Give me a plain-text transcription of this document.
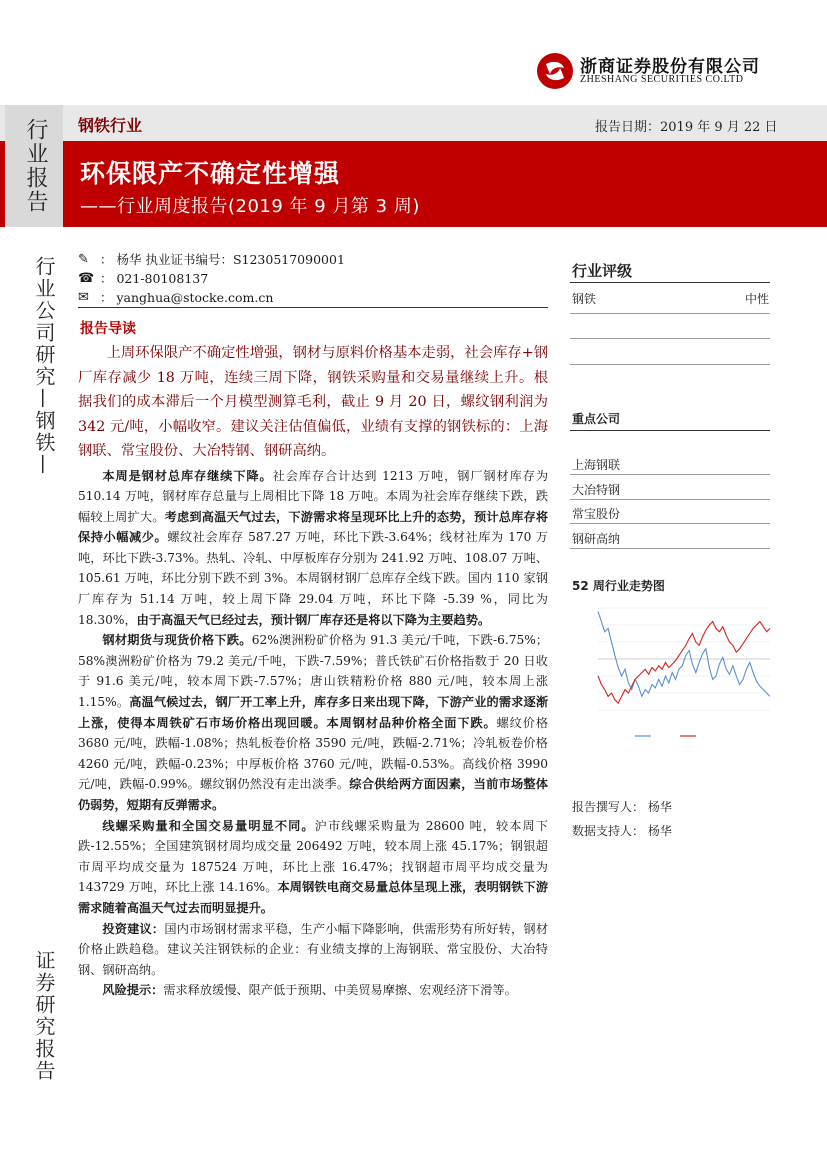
浙商证券股份有限公司
ZHESHANG SECURITIES CO.LTD
行业报告 钢铁行业	报告日期：2019 年 9 月 22 日
环保限产不确定性增强
——行业周度报告(2019 年 9 月第 3 周)
行业公司研究—钢铁—
证券研究报告
✎ ： 杨华 执业证书编号：S1230517090001
☎ ： 021-80108137
✉ ： yanghua@stocke.com.cn
报告导读

上周环保限产不确定性增强，钢材与原料价格基本走弱，社会库存+钢厂库存减少 18 万吨，连续三周下降，钢铁采购量和交易量继续上升。根据我们的成本滞后一个月模型测算毛利，截止 9 月 20 日，螺纹钢利润为 342 元/吨，小幅收窄。建议关注估值偏低，业绩有支撑的钢铁标的：上海钢联、常宝股份、大冶特钢、钢研高纳。

本周是钢材总库存继续下降。社会库存合计达到 1213 万吨，钢厂钢材库存为 510.14 万吨，钢材库存总量与上周相比下降 18 万吨。本周为社会库存继续下跌，跌幅较上周扩大。考虑到高温天气过去，下游需求将呈现环比上升的态势，预计总库存将保持小幅减少。螺纹社会库存 587.27 万吨，环比下跌-3.64%；线材社库为 170 万吨，环比下跌-3.73%。热轧、冷轧、中厚板库存分别为 241.92 万吨、108.07 万吨、105.61 万吨，环比分别下跌不到 3%。本周钢材钢厂总库存全线下跌。国内 110 家钢厂库存为 51.14 万吨，较上周下降 29.04 万吨，环比下降 -5.39 %，同比为 18.30%，由于高温天气已经过去，预计钢厂库存还是将以下降为主要趋势。

钢材期货与现货价格下跌。62%澳洲粉矿价格为 91.3 美元/千吨，下跌-6.75%；58%澳洲粉矿价格为 79.2 美元/千吨，下跌-7.59%；普氏铁矿石价格指数于 20 日收于 91.6 美元/吨，较本周下跌-7.57%；唐山铁精粉价格 880 元/吨，较本周上涨 1.15%。高温气候过去，钢厂开工率上升，库存多日来出现下降，下游产业的需求逐渐上涨，使得本周铁矿石市场价格出现回暖。本周钢材品种价格全面下跌。螺纹价格 3680 元/吨，跌幅-1.08%；热轧板卷价格 3590 元/吨，跌幅-2.71%；冷轧板卷价格 4260 元/吨，跌幅-0.23%；中厚板价格 3760 元/吨，跌幅-0.53%。高线价格 3990 元/吨，跌幅-0.99%。螺纹钢仍然没有走出淡季。综合供给两方面因素，当前市场整体仍弱势，短期有反弹需求。

线螺采购量和全国交易量明显不同。沪市线螺采购量为 28600 吨，较本周下跌-12.55%；全国建筑钢材周均成交量 206492 万吨，较本周上涨 45.17%；钢银超市周平均成交量为 187524 万吨，环比上涨 16.47%；找钢超市周平均成交量为 143729 万吨，环比上涨 14.16%。本周钢铁电商交易量总体呈现上涨，表明钢铁下游需求随着高温天气过去而明显提升。

投资建议：国内市场钢材需求平稳，生产小幅下降影响，供需形势有所好转，钢材价格止跌趋稳。建议关注钢铁标的企业：有业绩支撑的上海钢联、常宝股份、大冶特钢、钢研高纳。

风险提示：需求释放缓慢、限产低于预期、中美贸易摩擦、宏观经济下滑等。

行业评级
钢铁	中性
重点公司
上海钢联
大冶特钢
常宝股份
钢研高纳
52 周行业走势图
报告撰写人： 杨华
数据支持人： 杨华
